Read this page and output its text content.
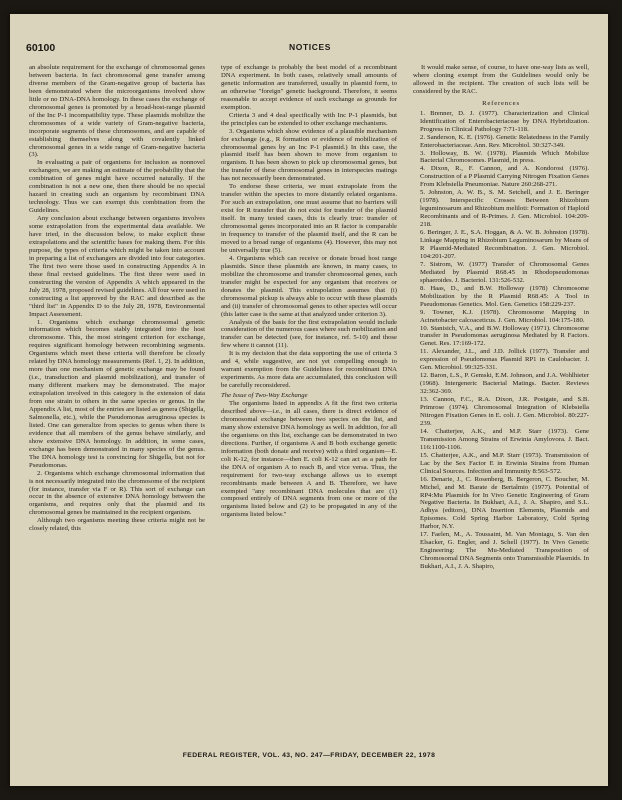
60100	NOTICES

an absolute requirement for the exchange of chromosomal genes between bacteria. In fact chromosomal gene transfer among diverse members of the Gram-negative group of bacteria has been demonstrated where the microorganisms involved show little or no DNA-DNA homology. In these cases the exchange of chromosomal genes is promoted by a broad-host-range plasmid of the Inc P-1 incompatibility type. These plasmids mobilize the chromosomes of a wide variety of Gram-negative bacteria, incorporate segments of these chromosomes, and are capable of establishing themselves along with covalently linked chromosomal genes in a wide range of Gram-negative bacteria (3).

In evaluating a pair of organisms for inclusion as nonnovel exchangers, we are making an estimate of the probability that the combination of genes might have occurred naturally. If the combination is not a new one, then there should be no special hazard in creating such an organism by recombinant DNA technology. Thus we can exempt this combination from the Guidelines.

Any conclusion about exchange between organisms involves some extrapolation from the experimental data available. We have tried, in the discussion below, to make explicit these extrapolations and the scientific bases for making them. For this purpose, the types of criteria which might be taken into account in preparing a list of exchangers are divided into four categories. The first two were those used in constructing Appendix A in these final revised guidelines. The first three were used in constructing the version of Appendix A which appeared in the July 28, 1978, proposed revised guidelines. All four were used in constructing a list approved by the RAC and described as the "third list" in Appendix D to the July 28, 1978, Environmental Impact Assessment.

1. Organisms which exchange chromosomal genetic information which becomes stably integrated into the host chromosome. This, the most stringent criterion for exchange, requires significant homology between recombining segments. Organisms which meet these criteria will therefore be closely related by DNA homology measurements (Ref. 1, 2). In addition, more than one mechanism of genetic exchange may be found (i.e., transduction and plasmid mobilization), and transfer of many different markers may be demonstrated. The major extrapolation involved in this category is the extension of data from one strain to others in the same species or genus. In the Appendix A list, most of the entries are listed as genera (Shigella, Salmonella, etc.), while the Pseudomonas aeruginosa species is listed. One can generalize from species to genus when there is evidence that all members of the genus behave similarly, and show extensive DNA homology. In addition, in some cases, exchange has been demonstrated in many species of the genus. The DNA homology test is convincing for Shigella, but not for Pseudomonas.

2. Organisms which exchange chromosomal information that is not necessarily integrated into the chromosome of the recipient (for instance, transfer via F or R). This sort of exchange can occur in the absence of extensive DNA homology between the organisms, and requires only that the plasmid and its chromosomal genes be maintained in the recipient organism.

Although two organisms meeting these criteria might not be closely related, this

type of exchange is probably the best model of a recombinant DNA experiment. In both cases, relatively small amounts of genetic information are transferred, usually in plasmid form, to an otherwise "foreign" genetic background. Therefore, it seems reasonable to accept evidence of such exchange as grounds for exemption.

Criteria 3 and 4 deal specifically with Inc P-1 plasmids, but the principles can be extended to other exchange mechanisms.

3. Organisms which show evidence of a plausible mechanism for exchange (e.g., R formation or evidence of mobilization of chromosomal genes by an Inc P-1 plasmid.) In this case, the plasmid itself has been shown to move from organism to organism. It has been shown to pick up chromosomal genes, but the transfer of these chromosomal genes in interspecies matings has not necessarily been demonstrated.

To endorse these criteria, we must extrapolate from the transfer within the species to more distantly related organisms. For such an extrapolation, one must assume that no barriers will exist for R transfer that do not exist for transfer of the plasmid itself. In many tested cases, this is clearly true: transfer of chromosomal genes incorporated into an R factor is comparable in frequency to transfer of the plasmid itself, and the R can be moved to a broad range of organisms (4). However, this may not be universally true (5).

4. Organisms which can receive or donate broad host range plasmids. Since these plasmids are known, in many cases, to mobilize the chromosome and transfer chromosomal genes, such transfer might be expected for any organism that receives or donates the plasmid. This extrapolation assumes that (i) chromosomal pickup is always able to occur with these plasmids and (ii) transfer of chromosomal genes to other species will occur (this latter case is the same at that analyzed under criterion 3).

Analysis of the basis for the first extrapolation would include consideration of the numerous cases where such mobilization and transfer can be detected (see, for instance, ref. 5-10) and those few where it cannot (11).

It is my decision that the data supporting the use of criteria 3 and 4, while suggestive, are not yet compelling enough to warrant exemption from the Guidelines for recombinant DNA experiments. As more data are accumulated, this conclusion will be carefully reconsidered.

The Issue of Two-Way Exchange

The organisms listed in appendix A fit the first two criteria described above—i.e., in all cases, there is direct evidence of chromosomal exchange between two species on the list, and many show extensive DNA homology as well. In addition, for all the organisms on this list, exchange can be demonstrated in two directions. Further, if organisms A and B both exchange genetic information (both donate and receive) with a third organism—E. coli K-12, for instance—then E. coli K-12 can act as a path for the DNA of organism A to reach B, and vice versa. Thus, the requirement for two-way exchange allows us to exempt recombinants made between A and B. Therefore, we have exempted "any recombinant DNA molecules that are (1) composed entirely of DNA segments from one or more of the organisms listed below and (2) to be propagated in any of the organisms listed below."

It would make sense, of course, to have one-way lists as well, where cloning exempt from the Guidelines would only be allowed in the recipient. The creation of such lists will be considered by the RAC.

References

1. Brenner, D. J. (1977). Characterization and Clinical Identification of Enterobacteriaceae by DNA Hybridization. Progress in Clinical Pathology 7:71-118.

2. Sanderson, K. E. (1976). Genetic Relatedness in the Family Enterobacteriaceae. Ann. Rev. Microbiol. 30:327-349.

3. Holloway, B. W. (1978). Plasmids Which Mobilize Bacterial Chromosomes. Plasmid, in press.

4. Dixon, R., F. Cannon, and A. Kondorosi (1976). Construction of a P Plasmid Carrying Nitrogen Fixation Genes From Klebsiella Pneumoniae. Nature 260:268-271.

5. Johnston, A. W. B., S. M. Setchell, and J. E. Beringer (1978). Interspecific Crosses Between Rhizobium leguminosarum and Rhizobium meliloti: Formation of Haploid Recombinants and of R-Primes. J. Gen. Microbiol. 104:209-218.

6. Beringer, J. E., S.A. Hoggan, & A. W. B. Johnston (1978). Linkage Mapping in Rhizobium Leguminosarum by Means of R Plasmid-Mediated Recombination. J. Gen. Microbiol. 104:201-207.

7. Sistrom, W. (1977) Transfer of Chromosomal Genes Mediated by Plasmid R68.45 in Rhodopseudomonas sphaeroides. J. Bacteriol. 131:526-532.

8. Haas, D., and B.W. Holloway (1978) Chromosome Mobilization by the R Plasmid R68.45: A Tool in Pseudomonas Genetics. Mol. Gen. Genetics 158:229-237.

9. Towner, K.J. (1978). Chromosome Mapping in Acinetobacter calcoaceticus. J. Gen. Microbiol. 104:175-180.

10. Stanisich, V.A., and B.W. Holloway (1971). Chromosome transfer in Pseudomonas aeruginosa Mediated by R Factors. Genet. Res. 17:169-172.

11. Alexander, J.L., and J.D. Jollick (1977). Transfer and expression of Pseudomonas Plasmid RP1 in Caulobacter. J. Gen. Microbiol. 99:325-331.

12. Baron, L.S., P. Gemski, E.M. Johnson, and J.A. Wohlhieter (1968). Intergeneric Bacterial Matings. Bacter. Reviews 32:362-369.

13. Cannon, F.C., R.A. Dixon, J.R. Postgate, and S.B. Primrose (1974). Chromosomal Integration of Klebsiella Nitrogen Fixation Genes in E. coli. J. Gen. Microbiol. 80:227-239.

14. Chatterjee, A.K., and M.P. Starr (1973). Gene Transmission Among Strains of Erwinia Amylovora. J. Bact. 116:1100-1106.

15. Chatterjee, A.K., and M.P. Starr (1973). Transmission of Lac by the Sex Factor E in Erwinia Strains from Human Clinical Sources. Infection and Immunity 8:563-572.

16. Denarie, J., C. Rosenberg, B. Bergeron, C. Boucher, M. Michel, and M. Barate de Bertalmio (1977). Potential of RP4:Mu Plasmids for In Vivo Genetic Engineering of Gram Negative Bacteria. In Bukhari, A.I., J. A. Shapiro, and S.L. Adhya (editors), DNA Insertion Elements, Plasmids and Episomes. Cold Spring Harbor Laboratory, Cold Spring Harbor, N.Y.

17. Faelen, M., A. Toussaint, M. Van Montagu, S. Van den Elsacker, G. Engler, and J. Schell (1977). In Vivo Genetic Engineering: The Mu-Mediated Transposition of Chromosomal DNA Segments onto Transmissible Plasmids. In Bukhari, A.I., J. A. Shapiro,

FEDERAL REGISTER, VOL. 43, NO. 247—FRIDAY, DECEMBER 22, 1978
